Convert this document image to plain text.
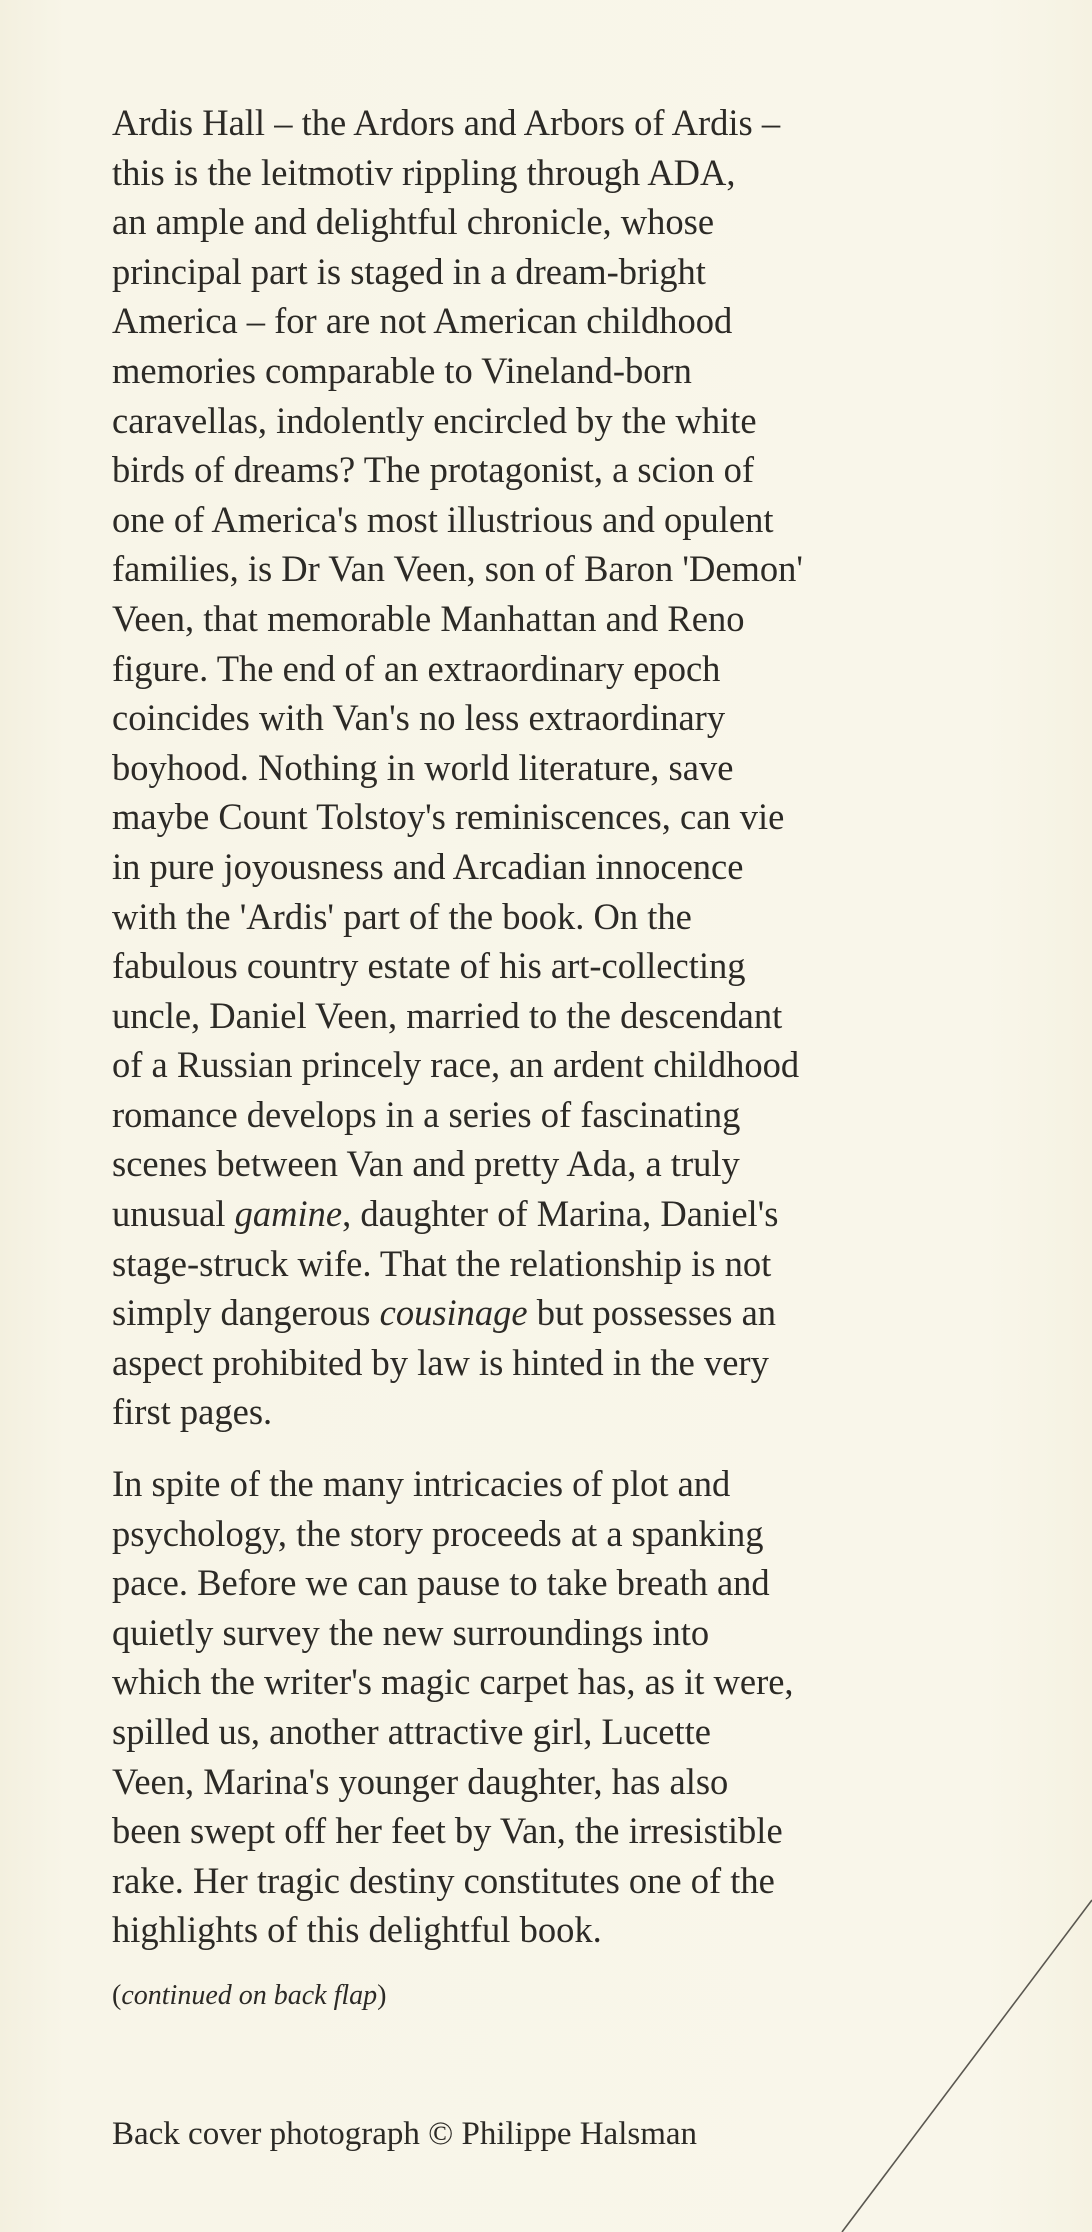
Ardis Hall – the Ardors and Arbors of Ardis –
this is the leitmotiv rippling through ADA,
an ample and delightful chronicle, whose
principal part is staged in a dream-bright
America – for are not American childhood
memories comparable to Vineland-born
caravellas, indolently encircled by the white
birds of dreams? The protagonist, a scion of
one of America's most illustrious and opulent
families, is Dr Van Veen, son of Baron 'Demon'
Veen, that memorable Manhattan and Reno
figure. The end of an extraordinary epoch
coincides with Van's no less extraordinary
boyhood. Nothing in world literature, save
maybe Count Tolstoy's reminiscences, can vie
in pure joyousness and Arcadian innocence
with the 'Ardis' part of the book. On the
fabulous country estate of his art-collecting
uncle, Daniel Veen, married to the descendant
of a Russian princely race, an ardent childhood
romance develops in a series of fascinating
scenes between Van and pretty Ada, a truly
unusual gamine, daughter of Marina, Daniel's
stage-struck wife. That the relationship is not
simply dangerous cousinage but possesses an
aspect prohibited by law is hinted in the very
first pages.

In spite of the many intricacies of plot and
psychology, the story proceeds at a spanking
pace. Before we can pause to take breath and
quietly survey the new surroundings into
which the writer's magic carpet has, as it were,
spilled us, another attractive girl, Lucette
Veen, Marina's younger daughter, has also
been swept off her feet by Van, the irresistible
rake. Her tragic destiny constitutes one of the
highlights of this delightful book.

(continued on back flap)
Back cover photograph © Philippe Halsman
